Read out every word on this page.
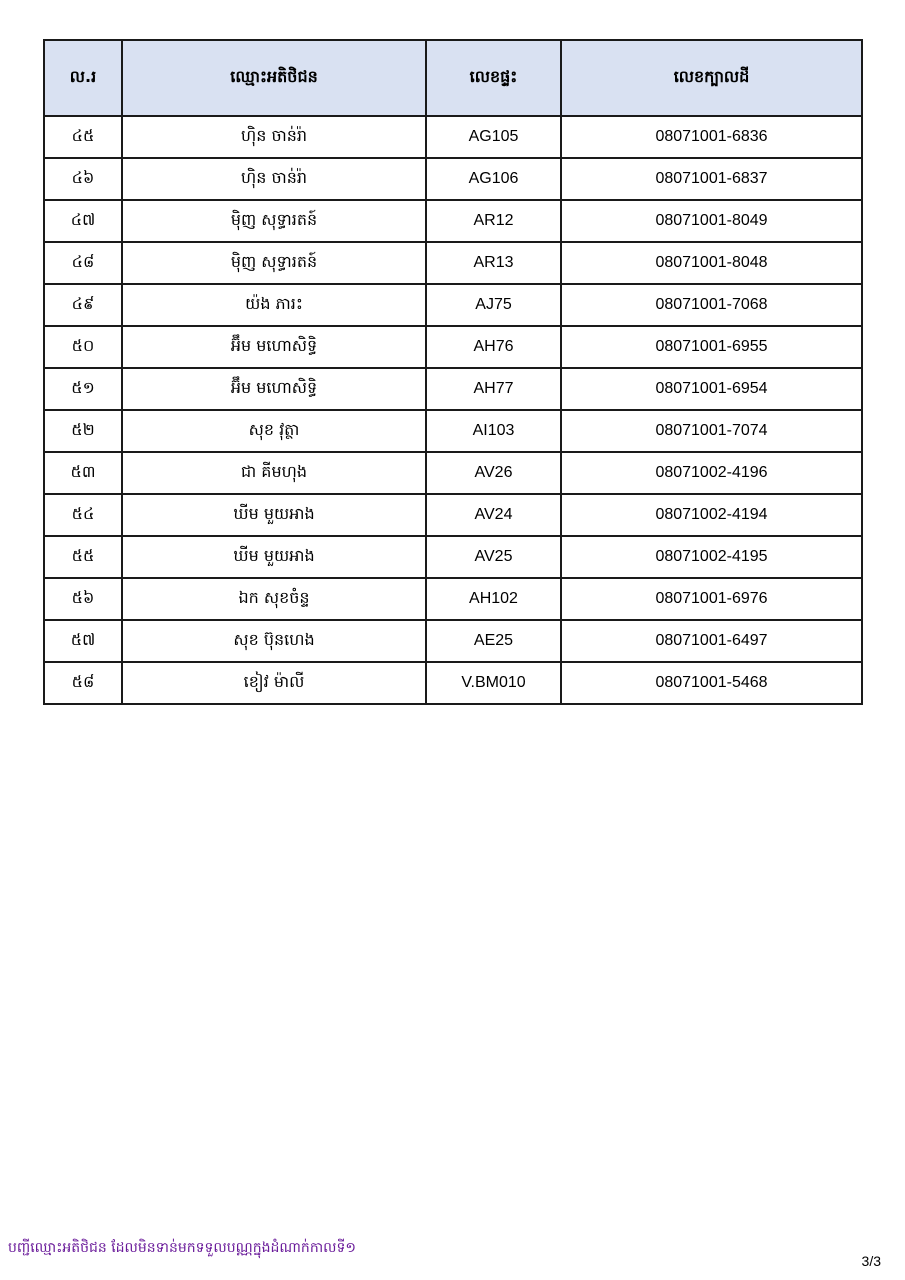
ល.រ	ឈ្មោះអតិថិជន	លេខផ្ទះ	លេខក្បាលដី
៤៥	ហ៊ិន ចាន់រ៉ា	AG105	08071001-6836
៤៦	ហ៊ិន ចាន់រ៉ា	AG106	08071001-6837
៤៧	ម៉ិញ សុទ្ធារតន៍	AR12	08071001-8049
៤៨	ម៉ិញ សុទ្ធារតន៍	AR13	08071001-8048
៤៩	យ៉ង ភារះ	AJ75	08071001-7068
៥០	អ៊ឹម មហោសិទ្ធិ	AH76	08071001-6955
៥១	អ៊ឹម មហោសិទ្ធិ	AH77	08071001-6954
៥២	សុខ វុត្ថា	AI103	08071001-7074
៥៣	ជា គីមហុង	AV26	08071002-4196
៥៤	ឃីម មួយអាង	AV24	08071002-4194
៥៥	ឃីម មួយអាង	AV25	08071002-4195
៥៦	ឯក សុខចំន្ទ	AH102	08071001-6976
៥៧	សុខ ប៊ុនហេង	AE25	08071001-6497
៥៨	ខៀវ ម៉ាលី	V.BM010	08071001-5468
បញ្ជីឈ្មោះអតិថិជន ដែលមិនទាន់មកទទួលបណ្ណក្នុងដំណាក់កាលទី១
3/3
